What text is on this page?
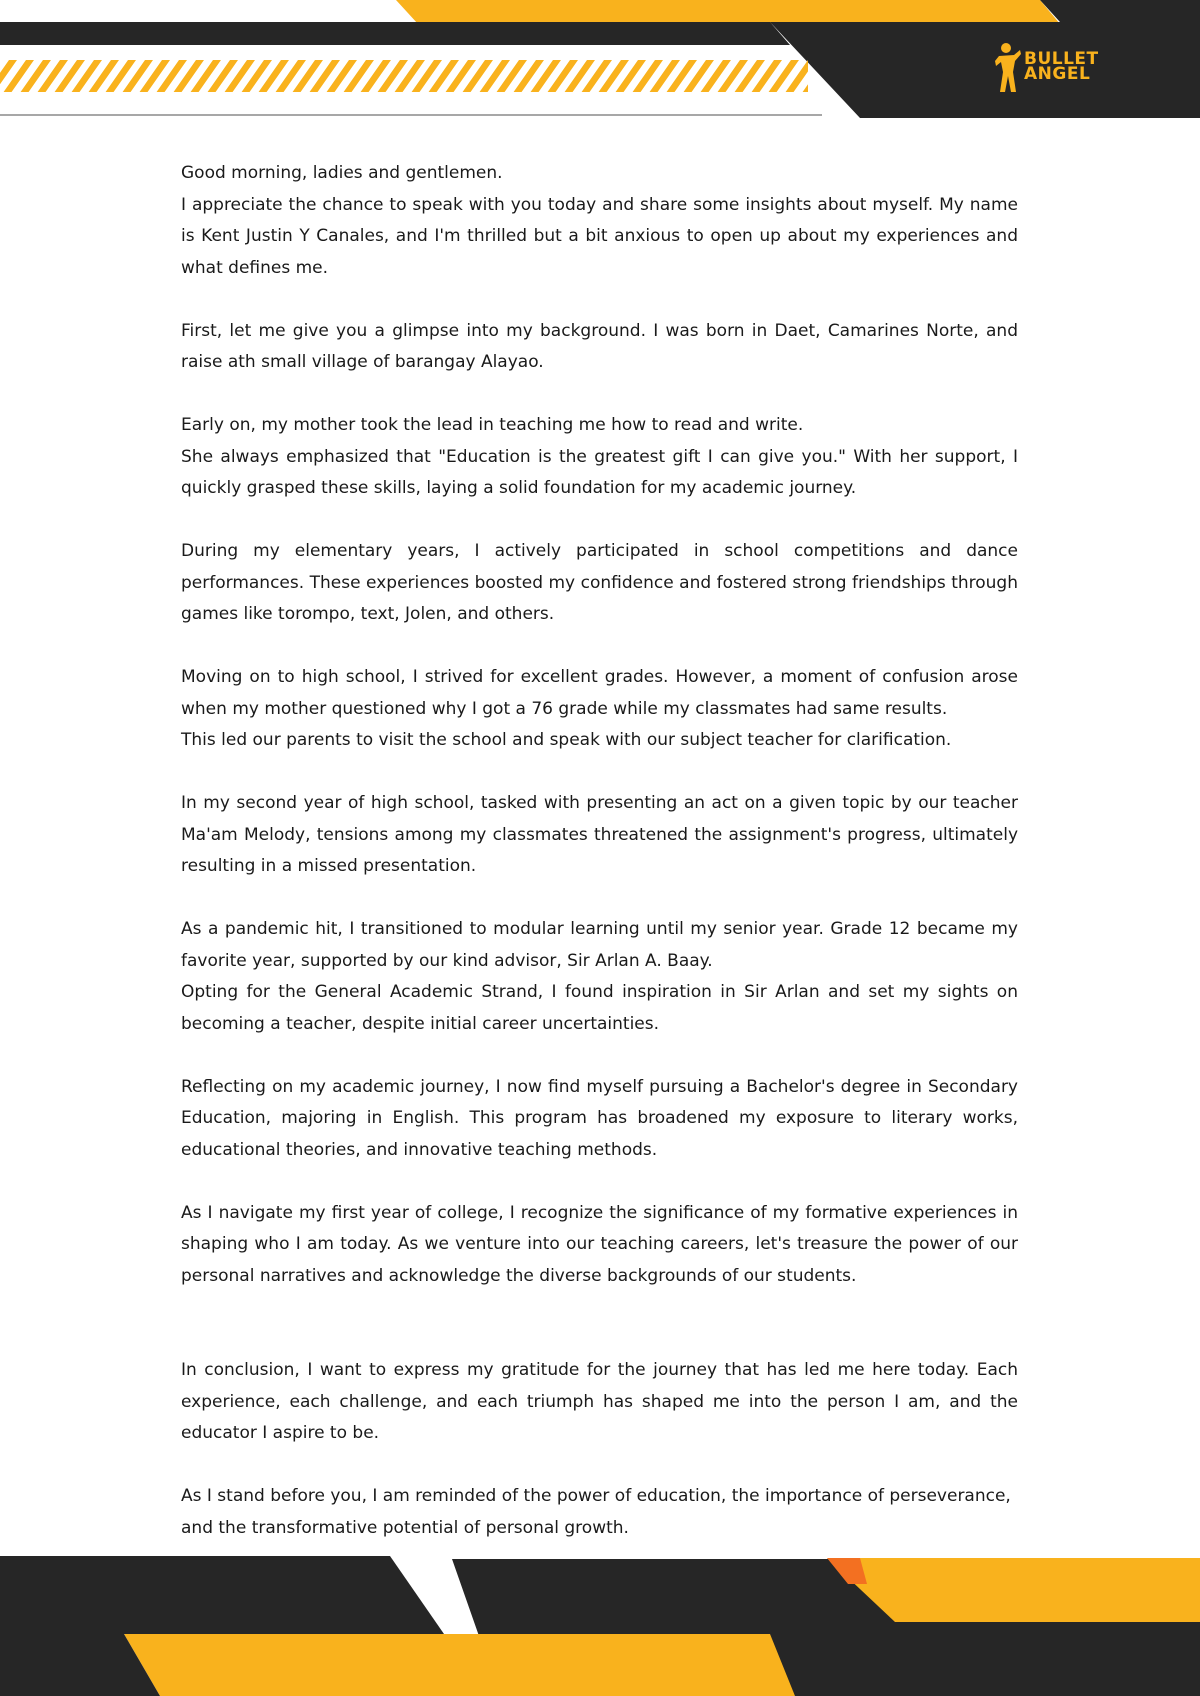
BULLET
ANGEL

Good morning, ladies and gentlemen.

I appreciate the chance to speak with you today and share some insights about myself. My name is Kent Justin Y Canales, and I'm thrilled but a bit anxious to open up about my experiences and what defines me.

First, let me give you a glimpse into my background. I was born in Daet, Camarines Norte, and raise ath small village of barangay Alayao.

Early on, my mother took the lead in teaching me how to read and write.

She always emphasized that "Education is the greatest gift I can give you." With her support, I quickly grasped these skills, laying a solid foundation for my academic journey.

During my elementary years, I actively participated in school competitions and dance performances. These experiences boosted my confidence and fostered strong friendships through games like torompo, text, Jolen, and others.

Moving on to high school, I strived for excellent grades. However, a moment of confusion arose when my mother questioned why I got a 76 grade while my classmates had same results.

This led our parents to visit the school and speak with our subject teacher for clarification.

In my second year of high school, tasked with presenting an act on a given topic by our teacher Ma'am Melody, tensions among my classmates threatened the assignment's progress, ultimately resulting in a missed presentation.

As a pandemic hit, I transitioned to modular learning until my senior year. Grade 12 became my favorite year, supported by our kind advisor, Sir Arlan A. Baay.

Opting for the General Academic Strand, I found inspiration in Sir Arlan and set my sights on becoming a teacher, despite initial career uncertainties.

Reflecting on my academic journey, I now find myself pursuing a Bachelor's degree in Secondary Education, majoring in English. This program has broadened my exposure to literary works, educational theories, and innovative teaching methods.

As I navigate my first year of college, I recognize the significance of my formative experiences in shaping who I am today. As we venture into our teaching careers, let's treasure the power of our personal narratives and acknowledge the diverse backgrounds of our students.

In conclusion, I want to express my gratitude for the journey that has led me here today. Each experience, each challenge, and each triumph has shaped me into the person I am, and the educator I aspire to be.

As I stand before you, I am reminded of the power of education, the importance of perseverance, and the transformative potential of personal growth.
